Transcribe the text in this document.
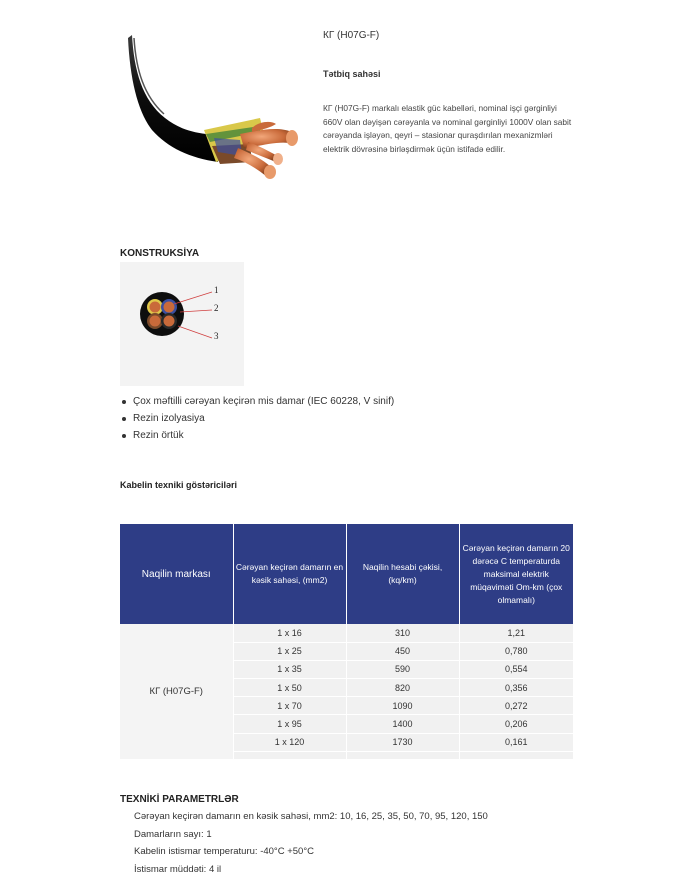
КГ (H07G-F)
Tətbiq sahəsi
КГ (H07G-F) markalı elastik güc kabelləri, nominal işçi gərginliyi 660V olan dəyişən cərəyanla və nominal gərginliyi 1000V olan sabit cərəyanda işləyən, qeyri – stasionar quraşdırılan mexanizmləri elektrik dövrəsinə birləşdirmək üçün istifadə edilir.
KONSTRUKSİYA
1
2
3
Çox məftilli cərəyan keçirən mis damar (IEC 60228, V sinif)
Rezin izolyasiya
Rezin örtük
Kabelin texniki göstəriciləri
Naqilin markası	Cərəyan keçirən damarın en kəsik sahəsi, (mm2)	Naqilin hesabi çəkisi, (kq/km)	Cərəyan keçirən damarın 20 dərəcə C temperaturda maksimal elektrik müqavimәti Om-km (çox olmamalı)
КГ (H07G-F)	1 x 16	310	1,21
	1 x 25	450	0,780
	1 x 35	590	0,554
	1 x 50	820	0,356
	1 x 70	1090	0,272
	1 x 95	1400	0,206
	1 x 120	1730	0,161

TEXNİKİ PARAMETRLƏR
Cərəyan keçirən damarın en kəsik sahəsi, mm2: 10, 16, 25, 35, 50, 70, 95, 120, 150
Damarların sayı: 1
Kabelin istismar temperaturu: -40°C +50°C
İstismar müddəti: 4 il
